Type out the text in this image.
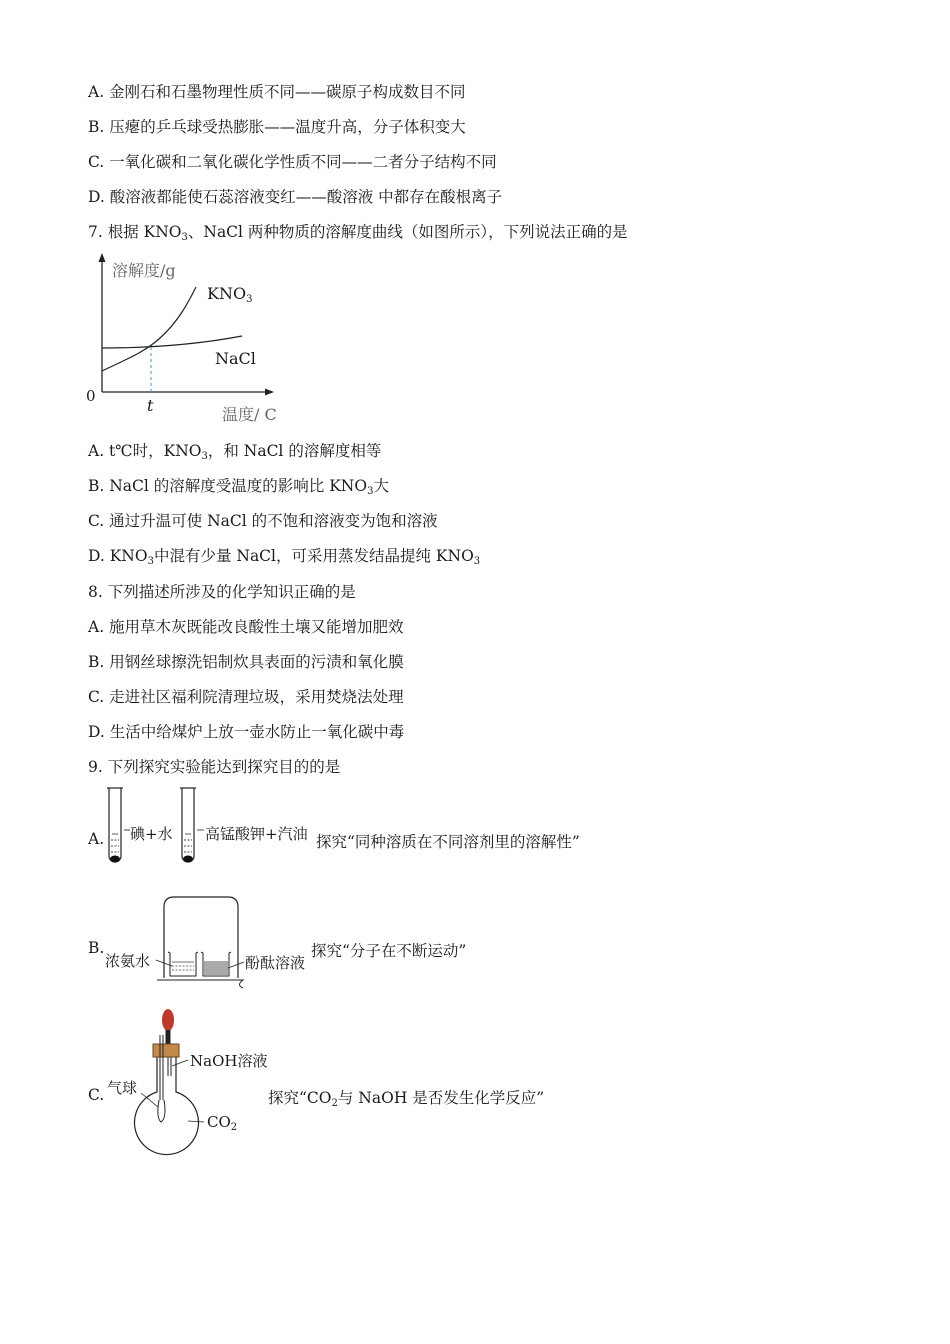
A. 金刚石和石墨物理性质不同——碳原子构成数目不同
B. 压瘪的乒乓球受热膨胀——温度升高，分子体积变大
C. 一氧化碳和二氧化碳化学性质不同——二者分子结构不同
D. 酸溶液都能使石蕊溶液变红——酸溶液 中都存在酸根离子
7. 根据 $KNO_3$、NaCl 两种物质的溶解度曲线（如图所示），下列说法正确的是
溶解度/g
$KNO_3$
NaCl
0	t	温度/ C
A. t℃时，$KNO_3$，和 NaCl 的溶解度相等
B. NaCl 的溶解度受温度的影响比 $KNO_3$大
C. 通过升温可使 NaCl 的不饱和溶液变为饱和溶液
D. $KNO_3$中混有少量 NaCl，可采用蒸发结晶提纯 $KNO_3$
8. 下列描述所涉及的化学知识正确的是
A. 施用草木灰既能改良酸性土壤又能增加肥效
B. 用钢丝球擦洗铝制炊具表面的污渍和氧化膜
C. 走进社区福利院清理垃圾，采用焚烧法处理
D. 生活中给煤炉上放一壶水防止一氧化碳中毒
9. 下列探究实验能达到探究目的的是
A. 碘+水 高锰酸钾+汽油 探究“同种溶质在不同溶剂里的溶解性”
B.
浓氨水	酚酞溶液
探究“分子在不断运动”
C.
NaOH溶液
气球
$CO_2$
探究“$CO_2$与 NaOH 是否发生化学反应”
